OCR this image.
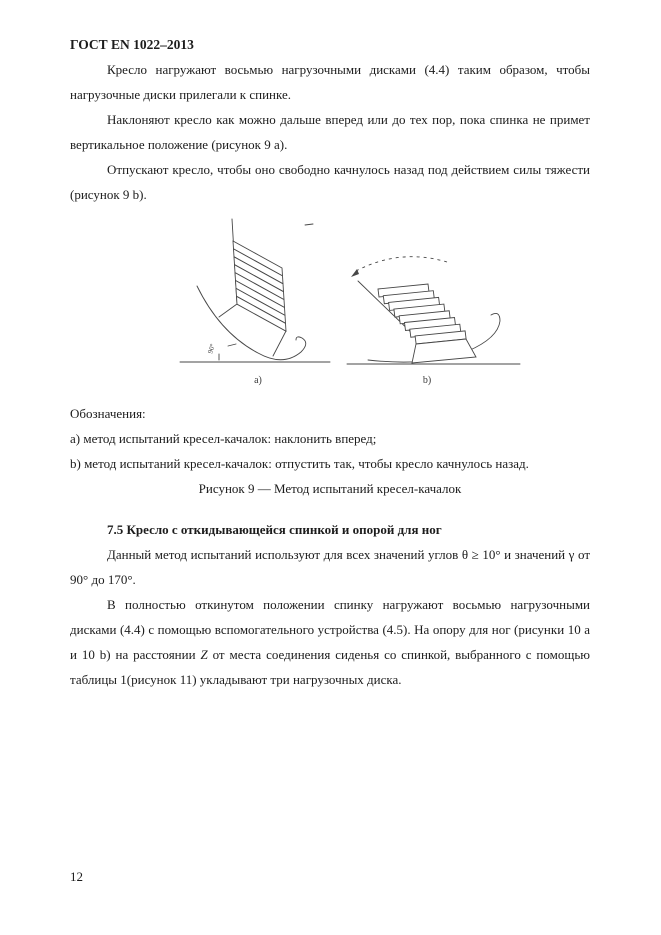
ГОСТ EN 1022–2013

Кресло нагружают восьмью нагрузочными дисками (4.4) таким образом, чтобы нагрузочные диски прилегали к спинке.

Наклоняют кресло как можно дальше вперед или до тех пор, пока спинка не примет вертикальное положение (рисунок 9 а).

Отпускают кресло, чтобы оно свободно качнулось назад под действием силы тяжести (рисунок 9 b).

90°
а)	b)

Обозначения:

а) метод испытаний кресел-качалок: наклонить вперед;

b) метод испытаний кресел-качалок: отпустить так, чтобы кресло качнулось назад.

Рисунок 9 — Метод испытаний кресел-качалок

7.5 Кресло с откидывающейся спинкой и опорой для ног

Данный метод испытаний используют для всех значений углов θ ≥ 10° и значений γ от 90° до 170°.

В полностью откинутом положении спинку нагружают восьмью нагрузочными дисками (4.4) с помощью вспомогательного устройства (4.5). На опору для ног (рисунки 10 а и 10 b) на расстоянии Z от места соединения сиденья со спинкой, выбранного с помощью таблицы 1(рисунок 11) укладывают три нагрузочных диска.

12
